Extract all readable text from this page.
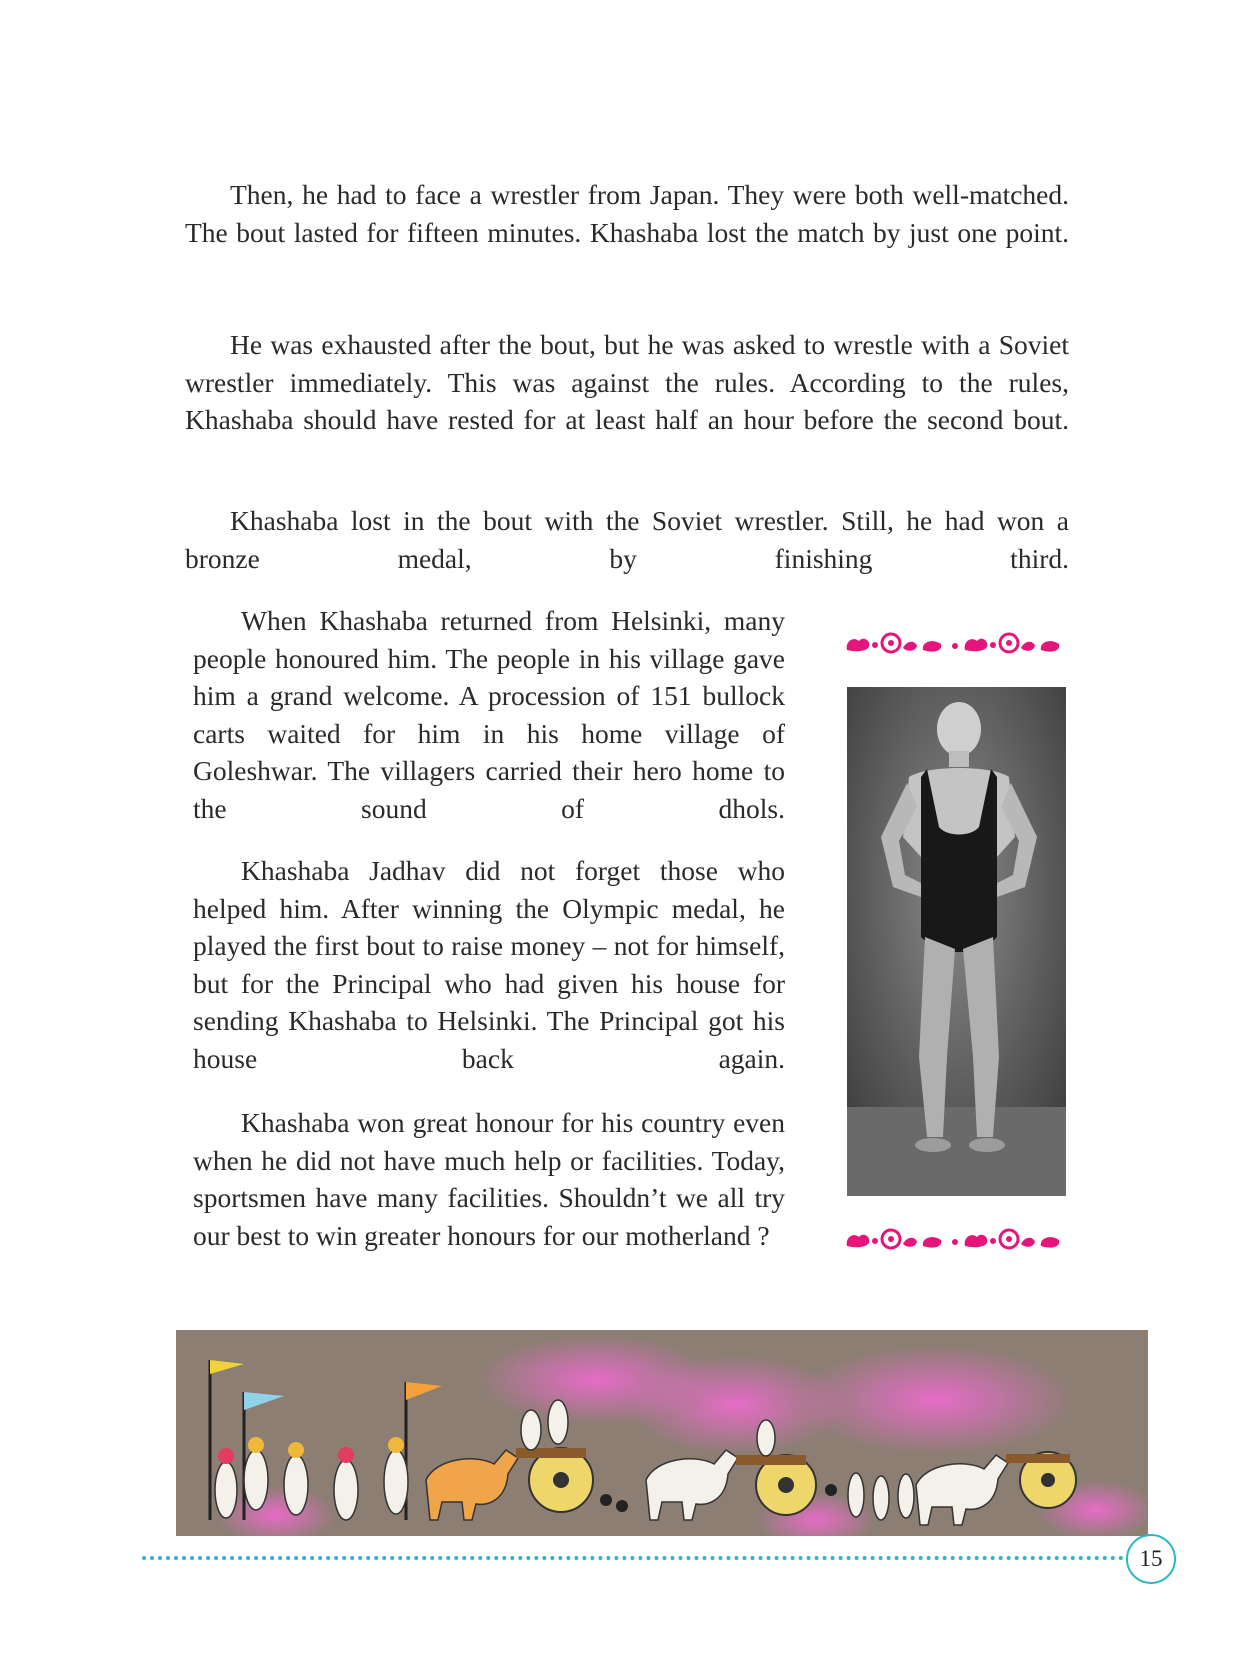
Then, he had to face a wrestler from Japan. They were both well-matched. The bout lasted for fifteen minutes. Khashaba lost the match by just one point.

He was exhausted after the bout, but he was asked to wrestle with a Soviet wrestler immediately. This was against the rules. According to the rules, Khashaba should have rested for at least half an hour before the second bout.

Khashaba lost in the bout with the Soviet wrestler. Still, he had won a bronze medal, by finishing third.

When Khashaba returned from Helsinki, many people honoured him. The people in his village gave him a grand welcome. A procession of 151 bullock carts waited for him in his home village of Goleshwar. The villagers carried their hero home to the sound of dhols.

Khashaba Jadhav did not forget those who helped him. After winning the Olympic medal, he played the first bout to raise money – not for himself, but for the Principal who had given his house for sending Khashaba to Helsinki. The Principal got his house back again.

Khashaba won great honour for his country even when he did not have much help or facilities. Today, sportsmen have many facilities. Shouldn’t we all try our best to win greater honours for our motherland ?

15
